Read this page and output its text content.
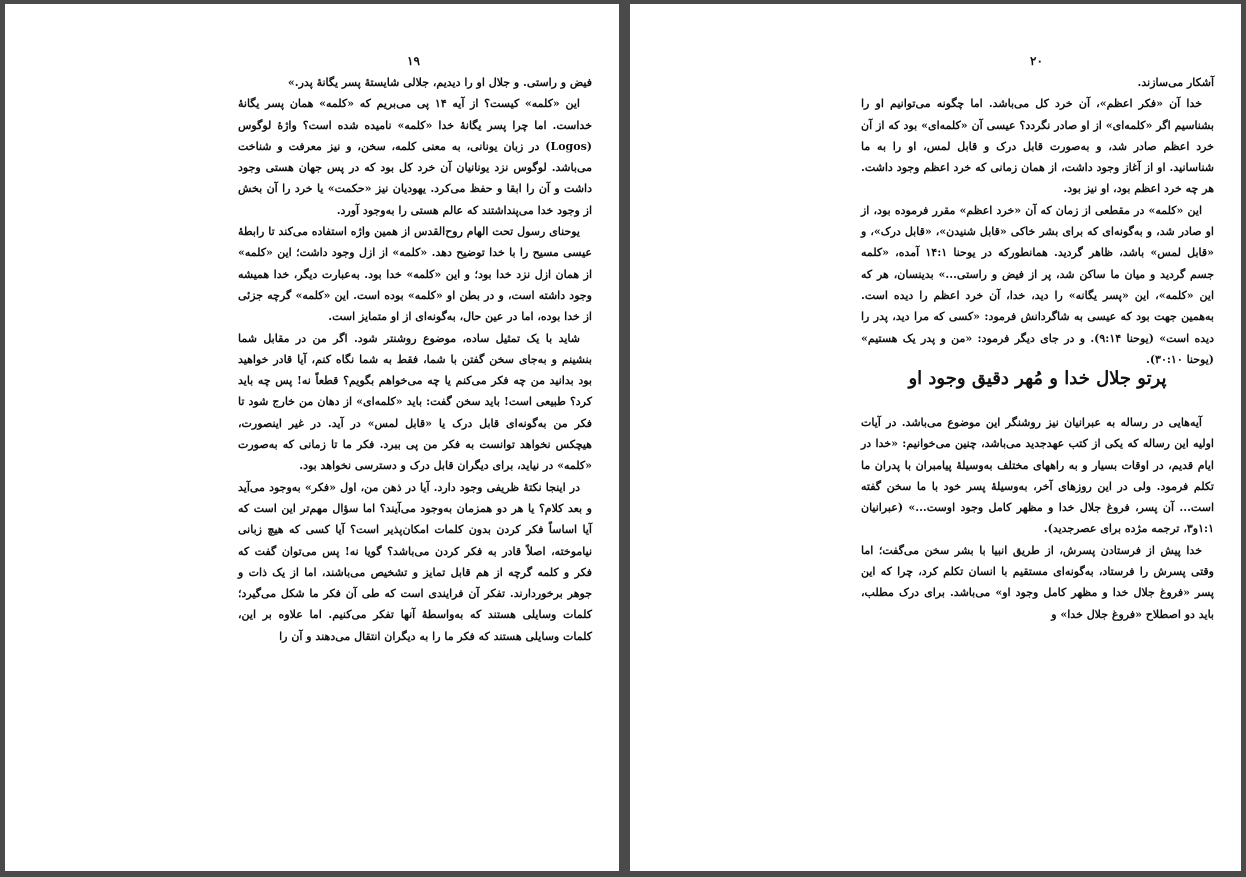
۱۹

فیض و راستی. و جلال او را دیدیم، جلالی شایستهٔ پسر یگانهٔ پدر.»

این «کلمه» کیست؟ از آیه ۱۴ پی می‌بریم که «کلمه» همان پسر یگانهٔ خداست. اما چرا پسر یگانهٔ خدا «کلمه» نامیده شده است؟ واژهٔ لوگوس (Logos) در زبان یونانی، به معنی کلمه، سخن، و نیز معرفت و شناخت می‌باشد. لوگوس نزد یونانیان آن خرد کل بود که در پس جهان هستی وجود داشت و آن را ابقا و حفظ می‌کرد. یهودیان نیز «حکمت» یا خرد را آن بخش از وجود خدا می‌پنداشتند که عالم هستی را به‌وجود آورد.

یوحنای رسول تحت الهام روح‌القدس از همین واژه استفاده می‌کند تا رابطهٔ عیسی مسیح را با خدا توضیح دهد. «کلمه» از ازل وجود داشت؛ این «کلمه» از همان ازل نزد خدا بود؛ و این «کلمه» خدا بود. به‌عبارت دیگر، خدا همیشه وجود داشته است، و در بطن او «کلمه» بوده است. این «کلمه» گرچه جزئی از خدا بوده، اما در عین حال، به‌گونه‌ای از او متمایز است.

شاید با یک تمثیل ساده، موضوع روشنتر شود. اگر من در مقابل شما بنشینم و به‌جای سخن گفتن با شما، فقط به شما نگاه کنم، آیا قادر خواهید بود بدانید من چه فکر می‌کنم یا چه می‌خواهم بگویم؟ قطعاً نه! پس چه باید کرد؟ طبیعی است! باید سخن گفت: باید «کلمه‌ای» از دهان من خارج شود تا فکر من به‌گونه‌ای قابل درک یا «قابل لمس» در آید. در غیر اینصورت، هیچکس نخواهد توانست به فکر من پی ببرد. فکر ما تا زمانی که به‌صورت «کلمه» در نیاید، برای دیگران قابل درک و دسترسی نخواهد بود.

در اینجا نکتهٔ ظریفی وجود دارد. آیا در ذهن من، اول «فکر» به‌وجود می‌آید و بعد کلام؟ یا هر دو همزمان به‌وجود می‌آیند؟ اما سؤال مهم‌تر این است که آیا اساساً فکر کردن بدون کلمات امکان‌پذیر است؟ آیا کسی که هیچ زبانی نیاموخته، اصلاً قادر به فکر کردن می‌باشد؟ گویا نه! پس می‌توان گفت که فکر و کلمه گرچه از هم قابل تمایز و تشخیص می‌باشند، اما از یک ذات و جوهر برخوردارند. تفکر آن فرایندی است که طی آن فکر ما شکل می‌گیرد؛ کلمات وسایلی هستند که به‌واسطهٔ آنها تفکر می‌کنیم. اما علاوه بر این، کلمات وسایلی هستند که فکر ما را به دیگران انتقال می‌دهند و آن را

۲۰

آشکار می‌سازند.

خدا آن «فکر اعظم»، آن خرد کل می‌باشد. اما چگونه می‌توانیم او را بشناسیم اگر «کلمه‌ای» از او صادر نگردد؟ عیسی آن «کلمه‌ای» بود که از آن خرد اعظم صادر شد، و به‌صورت قابل درک و قابل لمس، او را به ما شناسانید. او از آغاز وجود داشت، از همان زمانی که خرد اعظم وجود داشت. هر چه خرد اعظم بود، او نیز بود.

این «کلمه» در مقطعی از زمان که آن «خرد اعظم» مقرر فرموده بود، از او صادر شد، و به‌گونه‌ای که برای بشر خاکی «قابل شنیدن»، «قابل درک»، و «قابل لمس» باشد، ظاهر گردید. همانطورکه در یوحنا ۱۴:۱ آمده، «کلمه جسم گردید و میان ما ساکن شد، پر از فیض و راستی...» بدینسان، هر که این «کلمه»، این «پسر یگانه» را دید، خدا، آن خرد اعظم را دیده است. به‌همین جهت بود که عیسی به شاگردانش فرمود: «کسی که مرا دید، پدر را دیده است» (یوحنا ۹:۱۴). و در جای دیگر فرمود: «من و پدر یک هستیم» (یوحنا ۳۰:۱۰).

پرتو جلال خدا و مُهر دقیق وجود او

آیه‌هایی در رساله به عبرانیان نیز روشنگر این موضوع می‌باشد. در آیات اولیه این رساله که یکی از کتب عهدجدید می‌باشد، چنین می‌خوانیم: «خدا در ایام قدیم، در اوقات بسیار و به راههای مختلف به‌وسیلهٔ پیامبران با پدران ما تکلم فرمود. ولی در این روزهای آخر، به‌وسیلهٔ پسر خود با ما سخن گفته است... آن پسر، فروغ جلال خدا و مظهر کامل وجود اوست...» (عبرانیان ۱:۱و۳، ترجمه مژده برای عصرجدید).

خدا پیش از فرستادن پسرش، از طریق انبیا با بشر سخن می‌گفت؛ اما وقتی پسرش را فرستاد، به‌گونه‌ای مستقیم با انسان تکلم کرد، چرا که این پسر «فروغ جلال خدا و مظهر کامل وجود او» می‌باشد. برای درک مطلب، باید دو اصطلاح «فروغ جلال خدا» و
